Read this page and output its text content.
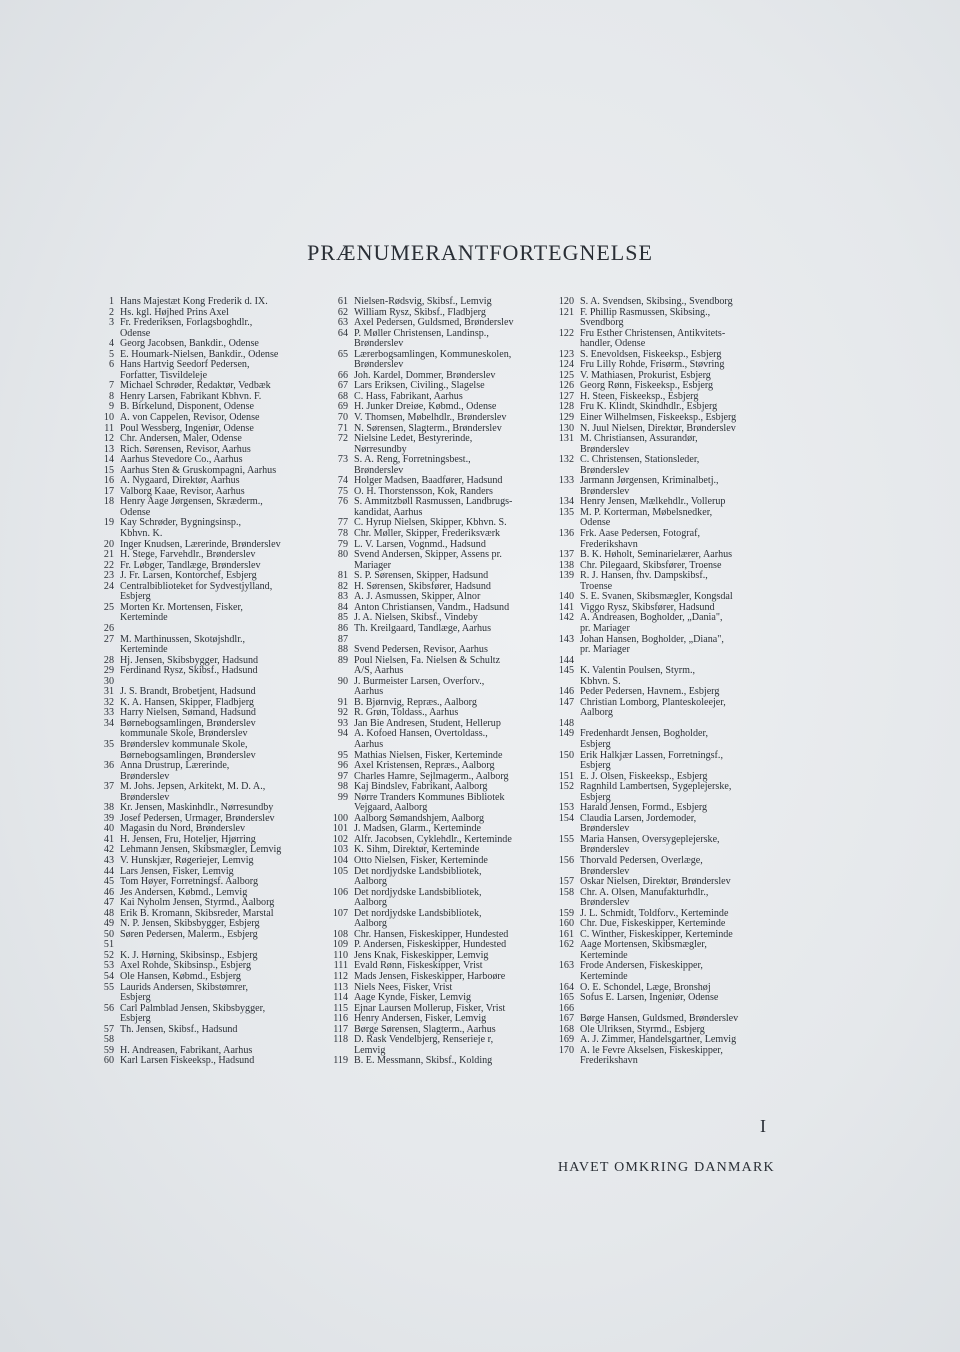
PRÆNUMERANTFORTEGNELSE
1 Hans Majestæt Kong Frederik d. IX.
2 Hs. kgl. Højhed Prins Axel
3 Fr. Frederiksen, Forlagsboghdlr.,
Odense
4 Georg Jacobsen, Bankdir., Odense
5 E. Houmark-Nielsen, Bankdir., Odense
6 Hans Hartvig Seedorf Pedersen,
Forfatter, Tisvildeleje
7 Michael Schrøder, Redaktør, Vedbæk
8 Henry Larsen, Fabrikant Kbhvn. F.
9 B. Birkelund, Disponent, Odense
10 A. von Cappelen, Revisor, Odense
11 Poul Wessberg, Ingeniør, Odense
12 Chr. Andersen, Maler, Odense
13 Rich. Sørensen, Revisor, Aarhus
14 Aarhus Stevedore Co., Aarhus
15 Aarhus Sten & Gruskompagni, Aarhus
16 A. Nygaard, Direktør, Aarhus
17 Valborg Kaae, Revisor, Aarhus
18 Henry Aage Jørgensen, Skræderm.,
Odense
19 Kay Schrøder, Bygningsinsp.,
Kbhvn. K.
20 Inger Knudsen, Lærerinde, Brønderslev
21 H. Stege, Farvehdlr., Brønderslev
22 Fr. Løbger, Tandlæge, Brønderslev
23 J. Fr. Larsen, Kontorchef, Esbjerg
24 Centralbiblioteket for Sydvestjylland,
Esbjerg
25 Morten Kr. Mortensen, Fisker,
Kerteminde
26
27 M. Marthinussen, Skotøjshdlr.,
Kerteminde
28 Hj. Jensen, Skibsbygger, Hadsund
29 Ferdinand Rysz, Skibsf., Hadsund
30
31 J. S. Brandt, Brobetjent, Hadsund
32 K. A. Hansen, Skipper, Fladbjerg
33 Harry Nielsen, Sømand, Hadsund
34 Børnebogsamlingen, Brønderslev
kommunale Skole, Brønderslev
35 Brønderslev kommunale Skole,
Børnebogsamlingen, Brønderslev
36 Anna Drustrup, Lærerinde,
Brønderslev
37 M. Johs. Jepsen, Arkitekt, M. D. A.,
Brønderslev
38 Kr. Jensen, Maskinhdlr., Nørresundby
39 Josef Pedersen, Urmager, Brønderslev
40 Magasin du Nord, Brønderslev
41 H. Jensen, Fru, Hoteljer, Hjørring
42 Lehmann Jensen, Skibsmægler, Lemvig
43 V. Hunskjær, Røgeriejer, Lemvig
44 Lars Jensen, Fisker, Lemvig
45 Tom Høyer, Forretningsf. Aalborg
46 Jes Andersen, Købmd., Lemvig
47 Kai Nyholm Jensen, Styrmd., Aalborg
48 Erik B. Kromann, Skibsreder, Marstal
49 N. P. Jensen, Skibsbygger, Esbjerg
50 Søren Pedersen, Malerm., Esbjerg
51
52 K. J. Hørning, Skibsinsp., Esbjerg
53 Axel Rohde, Skibsinsp., Esbjerg
54 Ole Hansen, Købmd., Esbjerg
55 Laurids Andersen, Skibstømrer,
Esbjerg
56 Carl Palmblad Jensen, Skibsbygger,
Esbjerg
57 Th. Jensen, Skibsf., Hadsund
58
59 H. Andreasen, Fabrikant, Aarhus
60 Karl Larsen Fiskeeksp., Hadsund
61 Nielsen-Rødsvig, Skibsf., Lemvig
62 William Rysz, Skibsf., Fladbjerg
63 Axel Pedersen, Guldsmed, Brønderslev
64 P. Møller Christensen, Landinsp.,
Brønderslev
65 Lærerbogsamlingen, Kommuneskolen,
Brønderslev
66 Joh. Kardel, Dommer, Brønderslev
67 Lars Eriksen, Civiling., Slagelse
68 C. Hass, Fabrikant, Aarhus
69 H. Junker Dreiøe, Købmd., Odense
70 V. Thomsen, Møbelhdlr., Brønderslev
71 N. Sørensen, Slagterm., Brønderslev
72 Nielsine Ledet, Bestyrerinde,
Nørresundby
73 S. A. Reng, Forretningsbest.,
Brønderslev
74 Holger Madsen, Baadfører, Hadsund
75 O. H. Thorstensson, Kok, Randers
76 S. Ammitzbøll Rasmussen, Landbrugs-
kandidat, Aarhus
77 C. Hyrup Nielsen, Skipper, Kbhvn. S.
78 Chr. Møller, Skipper, Frederiksværk
79 L. V. Larsen, Vognmd., Hadsund
80 Svend Andersen, Skipper, Assens pr.
Mariager
81 S. P. Sørensen, Skipper, Hadsund
82 H. Sørensen, Skibsfører, Hadsund
83 A. J. Asmussen, Skipper, Alnor
84 Anton Christiansen, Vandm., Hadsund
85 J. A. Nielsen, Skibsf., Vindeby
86 Th. Kreilgaard, Tandlæge, Aarhus
87
88 Svend Pedersen, Revisor, Aarhus
89 Poul Nielsen, Fa. Nielsen & Schultz
A/S, Aarhus
90 J. Burmeister Larsen, Overforv.,
Aarhus
91 B. Bjørnvig, Repræs., Aalborg
92 R. Grøn, Toldass., Aarhus
93 Jan Bie Andresen, Student, Hellerup
94 A. Kofoed Hansen, Overtoldass.,
Aarhus
95 Mathias Nielsen, Fisker, Kerteminde
96 Axel Kristensen, Repræs., Aalborg
97 Charles Hamre, Sejlmagerm., Aalborg
98 Kaj Bindslev, Fabrikant, Aalborg
99 Nørre Tranders Kommunes Bibliotek
Vejgaard, Aalborg
100 Aalborg Sømandshjem, Aalborg
101 J. Madsen, Glarm., Kerteminde
102 Alfr. Jacobsen, Cyklehdlr., Kerteminde
103 K. Sihm, Direktør, Kerteminde
104 Otto Nielsen, Fisker, Kerteminde
105 Det nordjydske Landsbibliotek,
Aalborg
106 Det nordjydske Landsbibliotek,
Aalborg
107 Det nordjydske Landsbibliotek,
Aalborg
108 Chr. Hansen, Fiskeskipper, Hundested
109 P. Andersen, Fiskeskipper, Hundested
110 Jens Knak, Fiskeskipper, Lemvig
111 Evald Rønn, Fiskeskipper, Vrist
112 Mads Jensen, Fiskeskipper, Harboøre
113 Niels Nees, Fisker, Vrist
114 Aage Kynde, Fisker, Lemvig
115 Ejnar Laursen Mollerup, Fisker, Vrist
116 Henry Andersen, Fisker, Lemvig
117 Børge Sørensen, Slagterm., Aarhus
118 D. Rask Vendelbjerg, Renserieje r,
Lemvig
119 B. E. Messmann, Skibsf., Kolding
120 S. A. Svendsen, Skibsing., Svendborg
121 F. Phillip Rasmussen, Skibsing.,
Svendborg
122 Fru Esther Christensen, Antikvitets-
handler, Odense
123 S. Enevoldsen, Fiskeeksp., Esbjerg
124 Fru Lilly Rohde, Frisørm., Støvring
125 V. Mathiasen, Prokurist, Esbjerg
126 Georg Rønn, Fiskeeksp., Esbjerg
127 H. Steen, Fiskeeksp., Esbjerg
128 Fru K. Klindt, Skindhdlr., Esbjerg
129 Einer Wilhelmsen, Fiskeeksp., Esbjerg
130 N. Juul Nielsen, Direktør, Brønderslev
131 M. Christiansen, Assurandør,
Brønderslev
132 C. Christensen, Stationsleder,
Brønderslev
133 Jarmann Jørgensen, Kriminalbetj.,
Brønderslev
134 Henry Jensen, Mælkehdlr., Vollerup
135 M. P. Korterman, Møbelsnedker,
Odense
136 Frk. Aase Pedersen, Fotograf,
Frederikshavn
137 B. K. Høholt, Seminarielærer, Aarhus
138 Chr. Pilegaard, Skibsfører, Troense
139 R. J. Hansen, fhv. Dampskibsf.,
Troense
140 S. E. Svanen, Skibsmægler, Kongsdal
141 Viggo Rysz, Skibsfører, Hadsund
142 A. Andreasen, Bogholder, „Dania",
pr. Mariager
143 Johan Hansen, Bogholder, „Diana",
pr. Mariager
144
145 K. Valentin Poulsen, Styrm.,
Kbhvn. S.
146 Peder Pedersen, Havnem., Esbjerg
147 Christian Lomborg, Planteskoleejer,
Aalborg
148
149 Fredenhardt Jensen, Bogholder,
Esbjerg
150 Erik Halkjær Lassen, Forretningsf.,
Esbjerg
151 E. J. Olsen, Fiskeeksp., Esbjerg
152 Ragnhild Lambertsen, Sygeplejerske,
Esbjerg
153 Harald Jensen, Formd., Esbjerg
154 Claudia Larsen, Jordemoder,
Brønderslev
155 Maria Hansen, Oversygeplejerske,
Brønderslev
156 Thorvald Pedersen, Overlæge,
Brønderslev
157 Oskar Nielsen, Direktør, Brønderslev
158 Chr. A. Olsen, Manufakturhdlr.,
Brønderslev
159 J. L. Schmidt, Toldforv., Kerteminde
160 Chr. Due, Fiskeskipper, Kerteminde
161 C. Winther, Fiskeskipper, Kerteminde
162 Aage Mortensen, Skibsmægler,
Kerteminde
163 Frode Andersen, Fiskeskipper,
Kerteminde
164 O. E. Schondel, Læge, Bronshøj
165 Sofus E. Larsen, Ingeniør, Odense
166
167 Børge Hansen, Guldsmed, Brønderslev
168 Ole Ulriksen, Styrmd., Esbjerg
169 A. J. Zimmer, Handelsgartner, Lemvig
170 A. le Fevre Akselsen, Fiskeskipper,
Frederikshavn
I
HAVET OMKRING DANMARK
